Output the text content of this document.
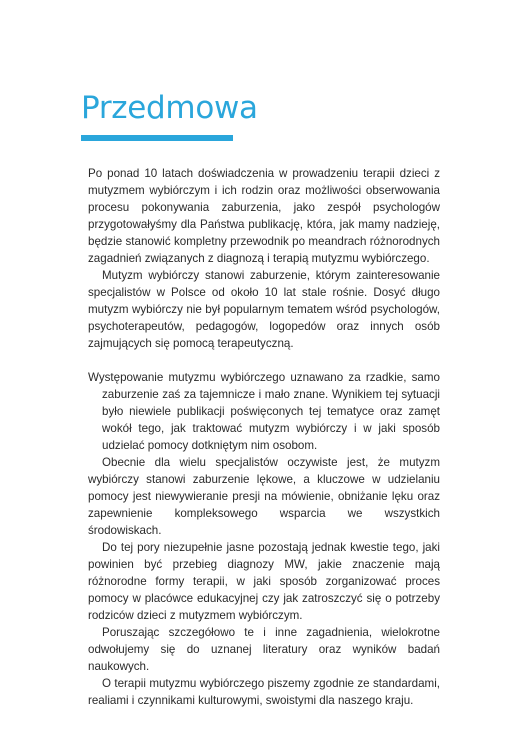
Przedmowa

Po ponad 10 latach doświadczenia w prowadzeniu terapii dzieci z mutyzmem wybiórczym i ich rodzin oraz możliwości obserwowania procesu pokonywania zaburzenia, jako zespół psychologów przygotowałyśmy dla Państwa publikację, która, jak mamy nadzieję, będzie stanowić kompletny przewodnik po meandrach różnorodnych zagadnień związanych z diagnozą i terapią mutyzmu wybiórczego.

Mutyzm wybiórczy stanowi zaburzenie, którym zainteresowanie specjalistów w Polsce od około 10 lat stale rośnie. Dosyć długo mutyzm wybiórczy nie był popularnym tematem wśród psychologów, psychoterapeutów, pedagogów, logopedów oraz innych osób zajmujących się pomocą terapeutyczną.

Występowanie mutyzmu wybiórczego uznawano za rzadkie, samo zaburzenie zaś za tajemnicze i mało znane. Wynikiem tej sytuacji było niewiele publikacji poświęconych tej tematyce oraz zamęt wokół tego, jak traktować mutyzm wybiórczy i w jaki sposób udzielać pomocy dotkniętym nim osobom.

Obecnie dla wielu specjalistów oczywiste jest, że mutyzm wybiórczy stanowi zaburzenie lękowe, a kluczowe w udzielaniu pomocy jest niewywieranie presji na mówienie, obniżanie lęku oraz zapewnienie kompleksowego wsparcia we wszystkich środowiskach.

Do tej pory niezupełnie jasne pozostają jednak kwestie tego, jaki powinien być przebieg diagnozy MW, jakie znaczenie mają różnorodne formy terapii, w jaki sposób zorganizować proces pomocy w placówce edukacyjnej czy jak zatroszczyć się o potrzeby rodziców dzieci z mutyzmem wybiórczym.

Poruszając szczegółowo te i inne zagadnienia, wielokrotne odwołujemy się do uznanej literatury oraz wyników badań naukowych.

O terapii mutyzmu wybiórczego piszemy zgodnie ze standardami, realiami i czynnikami kulturowymi, swoistymi dla naszego kraju.
